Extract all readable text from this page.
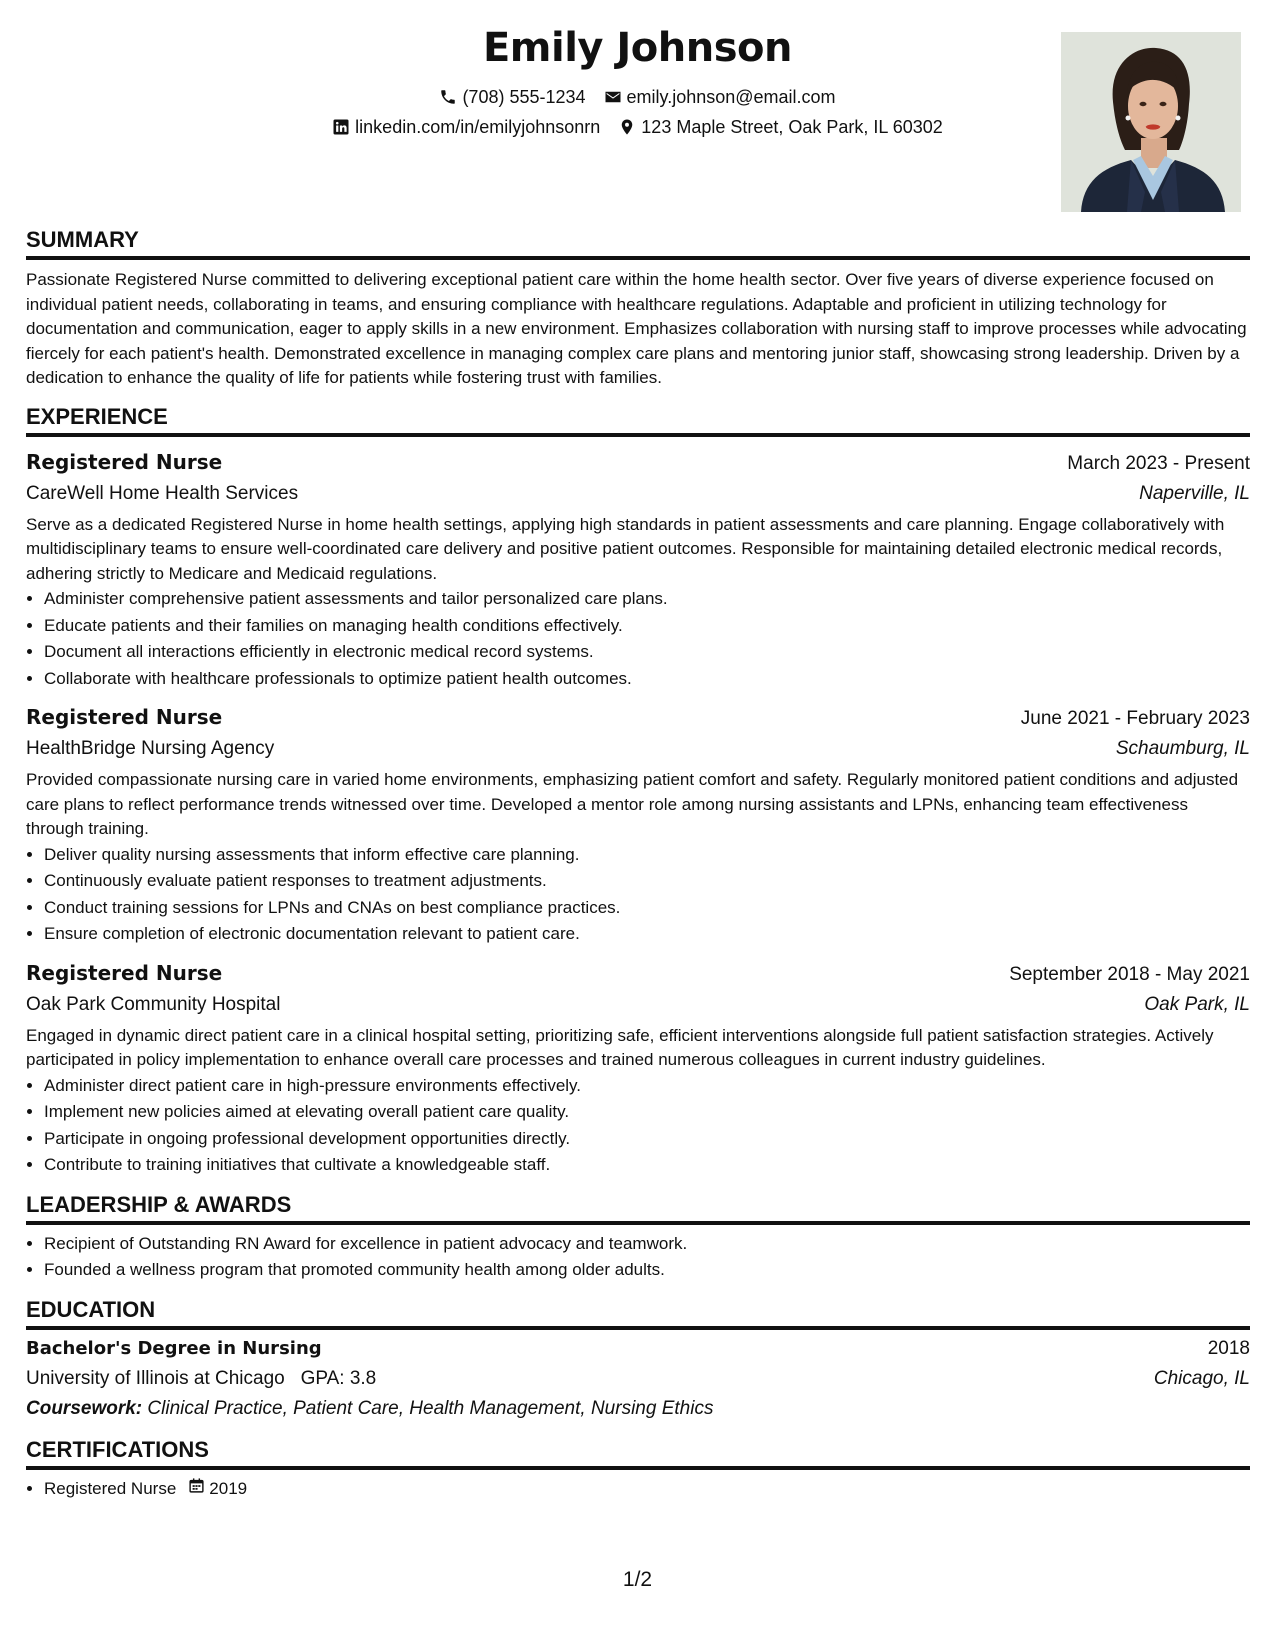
Emily Johnson
(708) 555-1234 emily.johnson@email.com
linkedin.com/in/emilyjohnsonrn 123 Maple Street, Oak Park, IL 60302
SUMMARY

Passionate Registered Nurse committed to delivering exceptional patient care within the home health sector. Over five years of diverse experience focused on individual patient needs, collaborating in teams, and ensuring compliance with healthcare regulations. Adaptable and proficient in utilizing technology for documentation and communication, eager to apply skills in a new environment. Emphasizes collaboration with nursing staff to improve processes while advocating fiercely for each patient's health. Demonstrated excellence in managing complex care plans and mentoring junior staff, showcasing strong leadership. Driven by a dedication to enhance the quality of life for patients while fostering trust with families.

EXPERIENCE
Registered Nurse	March 2023 - Present
CareWell Home Health Services	Naperville, IL

Serve as a dedicated Registered Nurse in home health settings, applying high standards in patient assessments and care planning. Engage collaboratively with multidisciplinary teams to ensure well-coordinated care delivery and positive patient outcomes. Responsible for maintaining detailed electronic medical records, adhering strictly to Medicare and Medicaid regulations.

• Administer comprehensive patient assessments and tailor personalized care plans.
• Educate patients and their families on managing health conditions effectively.
• Document all interactions efficiently in electronic medical record systems.
• Collaborate with healthcare professionals to optimize patient health outcomes.
Registered Nurse	June 2021 - February 2023
HealthBridge Nursing Agency	Schaumburg, IL

Provided compassionate nursing care in varied home environments, emphasizing patient comfort and safety. Regularly monitored patient conditions and adjusted care plans to reflect performance trends witnessed over time. Developed a mentor role among nursing assistants and LPNs, enhancing team effectiveness through training.

• Deliver quality nursing assessments that inform effective care planning.
• Continuously evaluate patient responses to treatment adjustments.
• Conduct training sessions for LPNs and CNAs on best compliance practices.
• Ensure completion of electronic documentation relevant to patient care.
Registered Nurse	September 2018 - May 2021
Oak Park Community Hospital	Oak Park, IL

Engaged in dynamic direct patient care in a clinical hospital setting, prioritizing safe, efficient interventions alongside full patient satisfaction strategies. Actively participated in policy implementation to enhance overall care processes and trained numerous colleagues in current industry guidelines.

• Administer direct patient care in high-pressure environments effectively.
• Implement new policies aimed at elevating overall patient care quality.
• Participate in ongoing professional development opportunities directly.
• Contribute to training initiatives that cultivate a knowledgeable staff.
LEADERSHIP & AWARDS
• Recipient of Outstanding RN Award for excellence in patient advocacy and teamwork.
• Founded a wellness program that promoted community health among older adults.
EDUCATION
Bachelor's Degree in Nursing	2018
University of Illinois at Chicago GPA: 3.8	Chicago, IL
Coursework: Clinical Practice, Patient Care, Health Management, Nursing Ethics
CERTIFICATIONS
• Registered Nurse 2019
1/2
